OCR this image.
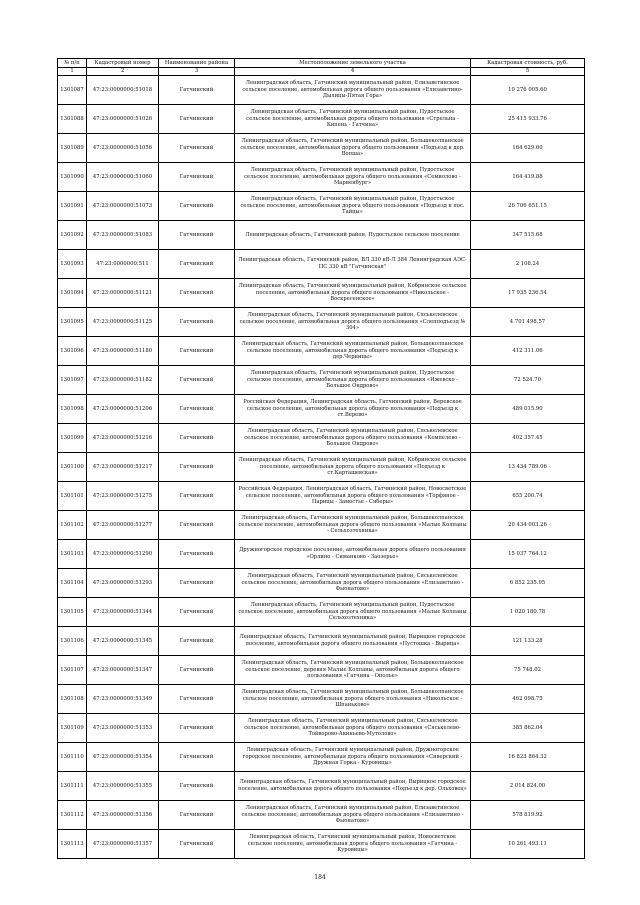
№ п/п	Кадастровый номер	Наименование района	Местоположение земельного участка	Кадастровая стоимость, руб.
1	2	3	4	5
1301087	47:23:0000000:51018	Гатчинский	Ленинградская область, Гатчинский муниципальный район, Елизаветинское сельское поселение, автомобильная дорога общего пользования «Елизаветино-Дылицы-Пятая Гора»	10 276 005.60
1301088	47:23:0000000:51026	Гатчинский	Ленинградская область, Гатчинский муниципальный район, Пудостьское сельское поселение, автомобильная дорога общего пользования «Стрельна - Кипень - Гатчина»	25 415 933.76
1301089	47:23:0000000:51056	Гатчинский	Ленинградская область, Гатчинский муниципальный район, Большеколпанское сельское поселение, автомобильная дорога общего пользования «Подъезд к дер. Вопша»	164 629.60
1301090	47:23:0000000:51060	Гатчинский	Ленинградская область, Гатчинский муниципальный район, Пудостьское сельское поселение, автомобильная дорога общего пользования «Семиолово - Мариенбург»	164 419.88
1301091	47:23:0000000:51073	Гатчинский	Ленинградская область, Гатчинский муниципальный район, Пудостьское сельское поселение, автомобильная дорога общего пользования «Подъезд к пос. Тайцы»	26 706 651.15
1301092	47:23:0000000:51083	Гатчинский	Ленинградская область, Гатчинский район, Пудостьское сельское поселение	347 515.68
1301093	47:23:0000000:511	Гатчинский	Ленинградская область, Гатчинский район, ВЛ 330 кВ-Л 384 Ленинградская АЭС-ПС 330 кВ "Гатчинская"	2 108.24
1301094	47:23:0000000:51121	Гатчинский	Ленинградская область, Гатчинский муниципальный район, Кобринское сельское поселение, автомобильная дорога общего пользования «Никольское - Воскресенское»	17 935 236.54
1301095	47:23:0000000:51125	Гатчинский	Ленинградская область, Гатчинский муниципальный район, Сяськелевское сельское поселение, автомобильная дорога общего пользования «Слепподъезд № 304»	4 701 498.57
1301096	47:23:0000000:51180	Гатчинский	Ленинградская область, Гатчинский муниципальный район, Большеколпанское сельское поселение, автомобильная дорога общего пользования «Подъезд к дер.Черницы»	412 311.06
1301097	47:23:0000000:51182	Гатчинский	Ленинградская область, Гатчинский муниципальный район, Пудостьское сельское поселение, автомобильная дорога общего пользования «Ижевско - Большое Ондрово»	72 524.70
1301098	47:23:0000000:51206	Гатчинский	Российская Федерация, Ленинградская область, Гатчинский район, Веревское сельское поселение, автомобильная дорога общего пользования «Подъезд к ст.Верево»	489 015.90
1301099	47:23:0000000:51216	Гатчинский	Ленинградская область, Гатчинский муниципальный район, Сяськелевское сельское поселение, автомобильная дорога общего пользования «Кемпелево - Большое Ондрово»	402 357.45
1301100	47:23:0000000:51217	Гатчинский	Ленинградская область, Гатчинский муниципальный район, Кобринское сельское поселение, автомобильная дорога общего пользования «Подъезд к ст.Карташевская»	13 434 789.06
1301101	47:23:0000000:51275	Гатчинский	Российская Федерация, Ленинградская область, Гатчинский район, Новосветское сельское поселение, автомобильная дорога общего пользования «Торфяное - Парицы - Замостье - Сяберы»	655 200.74
1301102	47:23:0000000:51277	Гатчинский	Ленинградская область, Гатчинский муниципальный район, Большеколпанское сельское поселение, автомобильная дорога общего пользования «Малые Колпаны - Сельхозтехника»	20 434 003.26
1301103	47:23:0000000:51290	Гатчинский	Дружногорское городское поселение, автомобильная дорога общего пользования «Орлино - Симанково - Заозерье»	15 037 764.12
1301104	47:23:0000000:51293	Гатчинский	Ленинградская область, Гатчинский муниципальный район, Сяськелевское сельское поселение, автомобильная дорога общего пользования «Елизаветино - Фьюнатово»	6 852 235.95
1301105	47:23:0000000:51344	Гатчинский	Ленинградская область, Гатчинский муниципальный район, Пудостьское сельское поселение, автомобильная дорога общего пользования «Малые Колпаны Сельхозтехника»	1 020 180.78
1301106	47:23:0000000:51345	Гатчинский	Ленинградская область, Гатчинский муниципальный район, Вырицкое городское поселение, автомобильная дорога общего пользования «Пустошка - Вырица»	121 133.28
1301107	47:23:0000000:51347	Гатчинский	Ленинградская область, Гатчинский муниципальный район, Большеколпанское сельское поселение, деревня Малые Колпаны, автомобильная дорога общего пользования «Гатчина - Ополье»	75 748.02
1301108	47:23:0000000:51349	Гатчинский	Ленинградская область, Гатчинский муниципальный район, Большеколпанское сельское поселение, автомобильная дорога общего пользования «Никольское - Шпаньково»	462 098.75
1301109	47:23:0000000:51353	Гатчинский	Ленинградская область, Гатчинский муниципальный район, Сяськелевское сельское поселение, автомобильная дорога общего пользования «Сяськелево-Тойворово-Акиньево-Мутолово»	385 862.04
1301110	47:23:0000000:51354	Гатчинский	Ленинградская область, Гатчинский муниципальный район, Дружногорское городское поселение, автомобильная дорога общего пользования «Сиверский - Дружная Горка - Куровицы»	16 823 864.32
1301111	47:23:0000000:51355	Гатчинский	Ленинградская область, Гатчинский муниципальный район, Вырицкое городское поселение, автомобильная дорога общего пользования «Подъезд к дер. Ольховец»	2 014 824.00
1301112	47:23:0000000:51356	Гатчинский	Ленинградская область, Гатчинский муниципальный район, Елизаветинское сельское поселение, автомобильная дорога общего пользования «Елизаветино - Фьюнатово»	578 819.92
1301113	47:23:0000000:51357	Гатчинский	Ленинградская область, Гатчинский муниципальный район, Новосветское сельское поселение, автомобильная дорога общего пользования «Гатчина - Куровицы»	10 261 493.11
184
